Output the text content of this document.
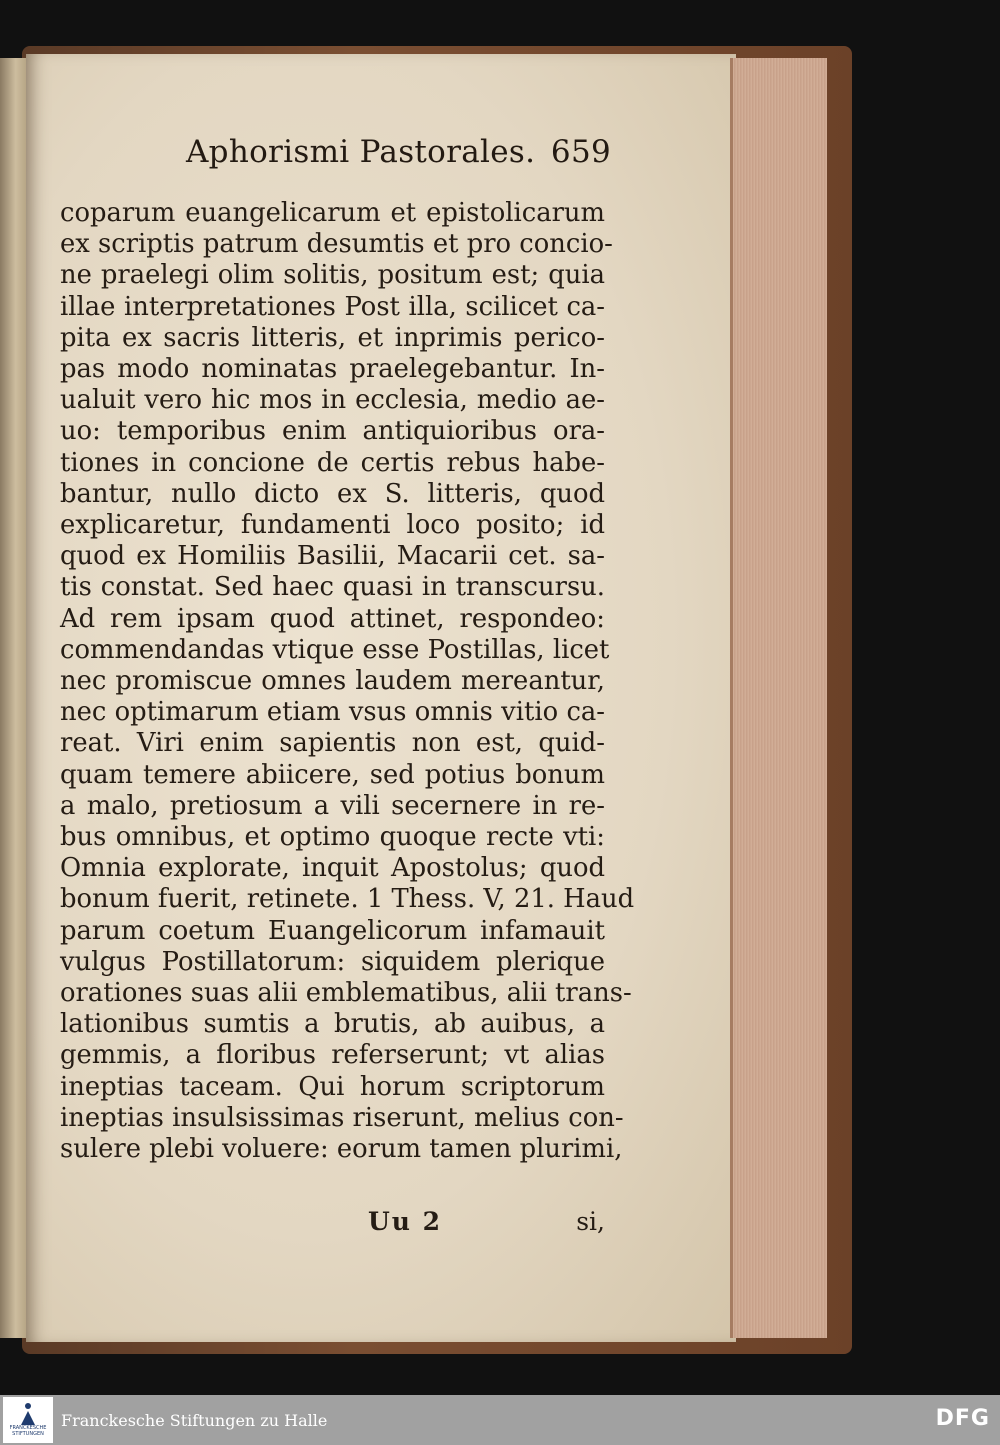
Aphorismi Pastorales. 659
coparum euangelicarum et epistolicarum
ex scriptis patrum desumtis et pro concio-
ne praelegi olim solitis, positum est; quia
illae interpretationes Post illa, scilicet ca-
pita ex sacris litteris, et inprimis perico-
pas modo nominatas praelegebantur. In-
ualuit vero hic mos in ecclesia, medio ae-
uo: temporibus enim antiquioribus ora-
tiones in concione de certis rebus habe-
bantur, nullo dicto ex S. litteris, quod
explicaretur, fundamenti loco posito; id
quod ex Homiliis Basilii, Macarii cet. sa-
tis constat. Sed haec quasi in transcursu.
Ad rem ipsam quod attinet, respondeo:
commendandas vtique esse Postillas, licet
nec promiscue omnes laudem mereantur,
nec optimarum etiam vsus omnis vitio ca-
reat. Viri enim sapientis non est, quid-
quam temere abiicere, sed potius bonum
a malo, pretiosum a vili secernere in re-
bus omnibus, et optimo quoque recte vti:
Omnia explorate, inquit Apostolus; quod
bonum fuerit, retinete. 1 Thess. V, 21. Haud
parum coetum Euangelicorum infamauit
vulgus Postillatorum: siquidem plerique
orationes suas alii emblematibus, alii trans-
lationibus sumtis a brutis, ab auibus, a
gemmis, a floribus referserunt; vt alias
ineptias taceam. Qui horum scriptorum
ineptias insulsissimas riserunt, melius con-
sulere plebi voluere: eorum tamen plurimi,
Uu 2	si,
FRANCKESCHE STIFTUNGEN
Franckesche Stiftungen zu Halle	DFG
